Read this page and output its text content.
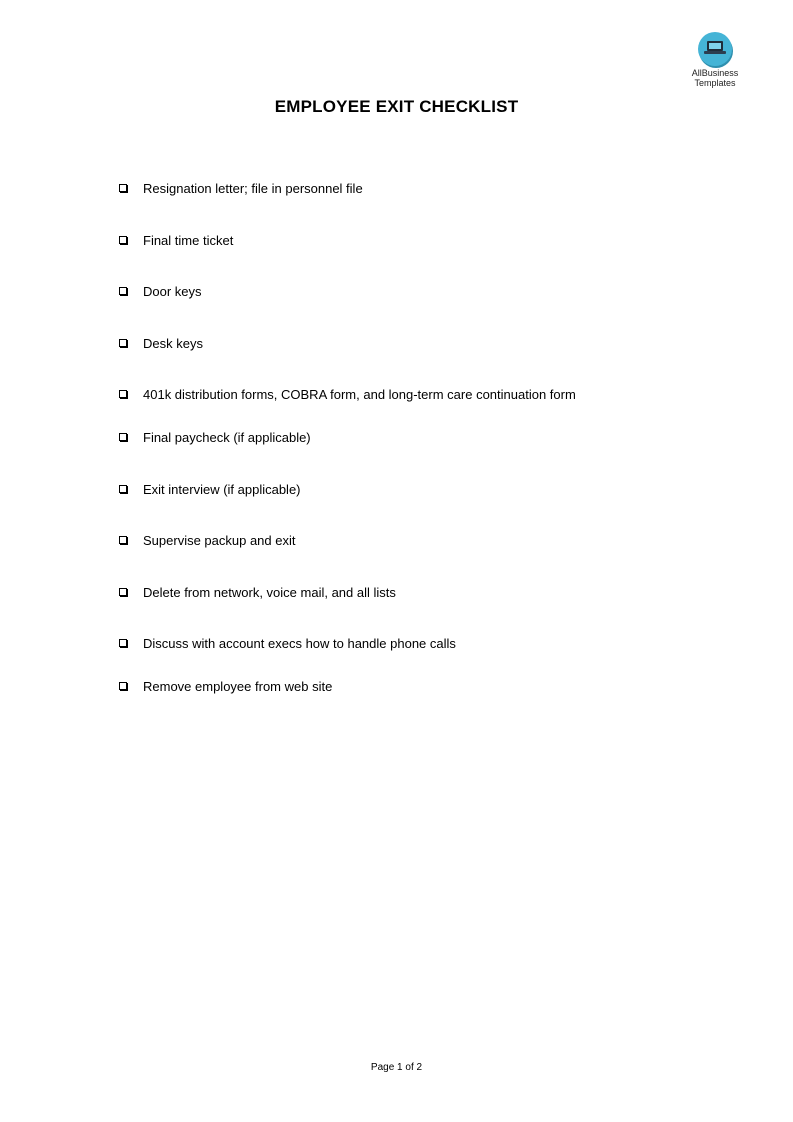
AllBusiness
Templates
EMPLOYEE EXIT CHECKLIST
Resignation letter; file in personnel file
Final time ticket
Door keys
Desk keys
401k distribution forms, COBRA form, and long-term care continuation form
Final paycheck (if applicable)
Exit interview (if applicable)
Supervise packup and exit
Delete from network, voice mail, and all lists
Discuss with account execs how to handle phone calls
Remove employee from web site
Page 1 of 2
